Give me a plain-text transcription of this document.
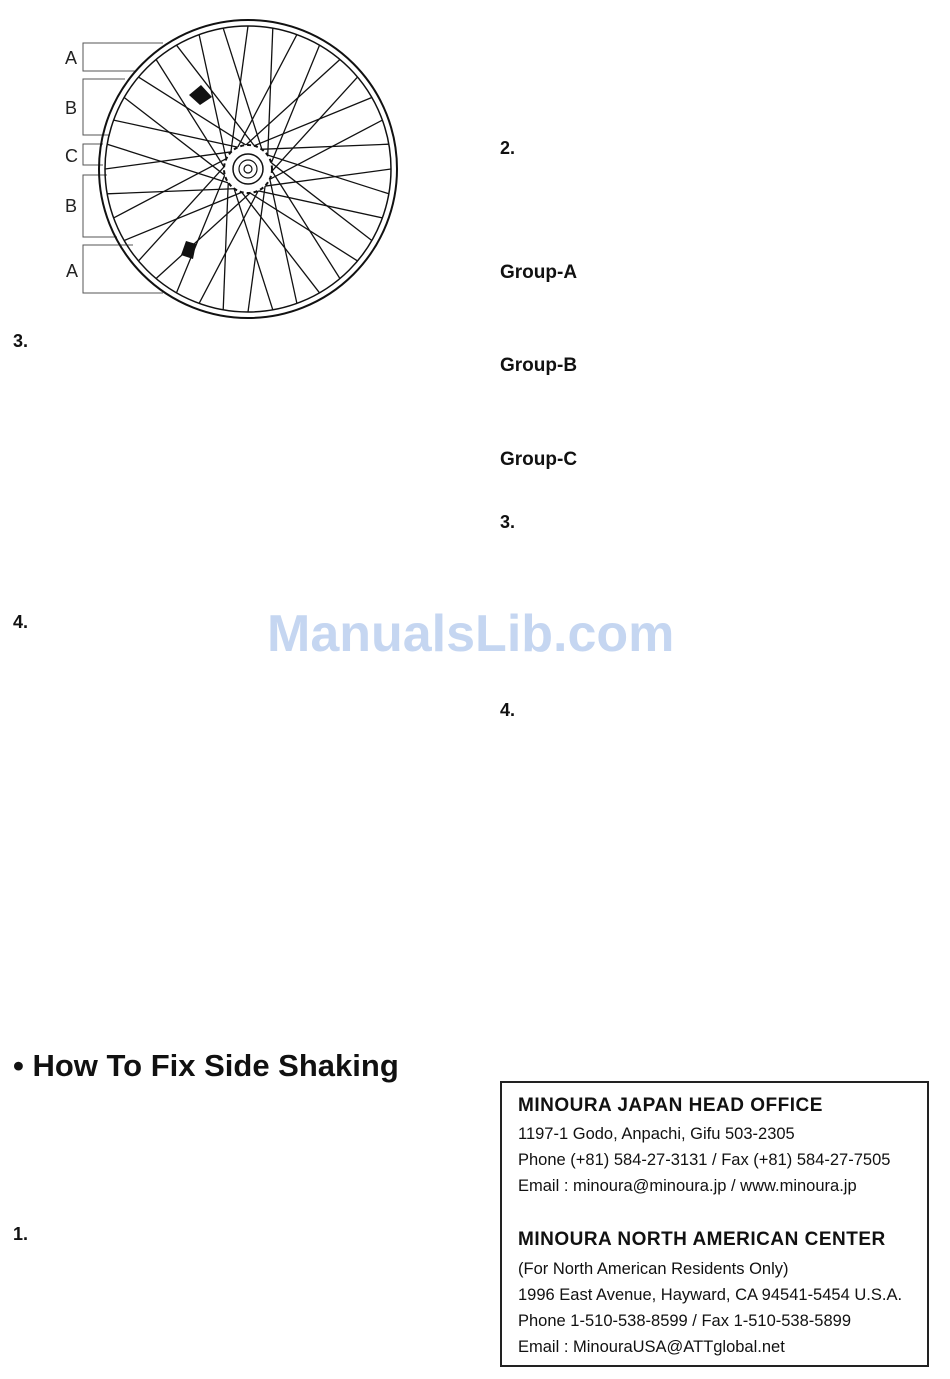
A
B
C
B
A
3.
4.
1.
2.
Group-A
Group-B
Group-C
3.
4.
ManualsLib.com
• How To Fix Side Shaking
MINOURA JAPAN HEAD OFFICE
1197-1 Godo, Anpachi, Gifu 503-2305
Phone (+81) 584-27-3131 / Fax (+81) 584-27-7505
Email : minoura@minoura.jp / www.minoura.jp
MINOURA NORTH AMERICAN CENTER
(For North American Residents Only)
1996 East Avenue, Hayward, CA 94541-5454 U.S.A.
Phone 1-510-538-8599 / Fax 1-510-538-5899
Email : MinouraUSA@ATTglobal.net
